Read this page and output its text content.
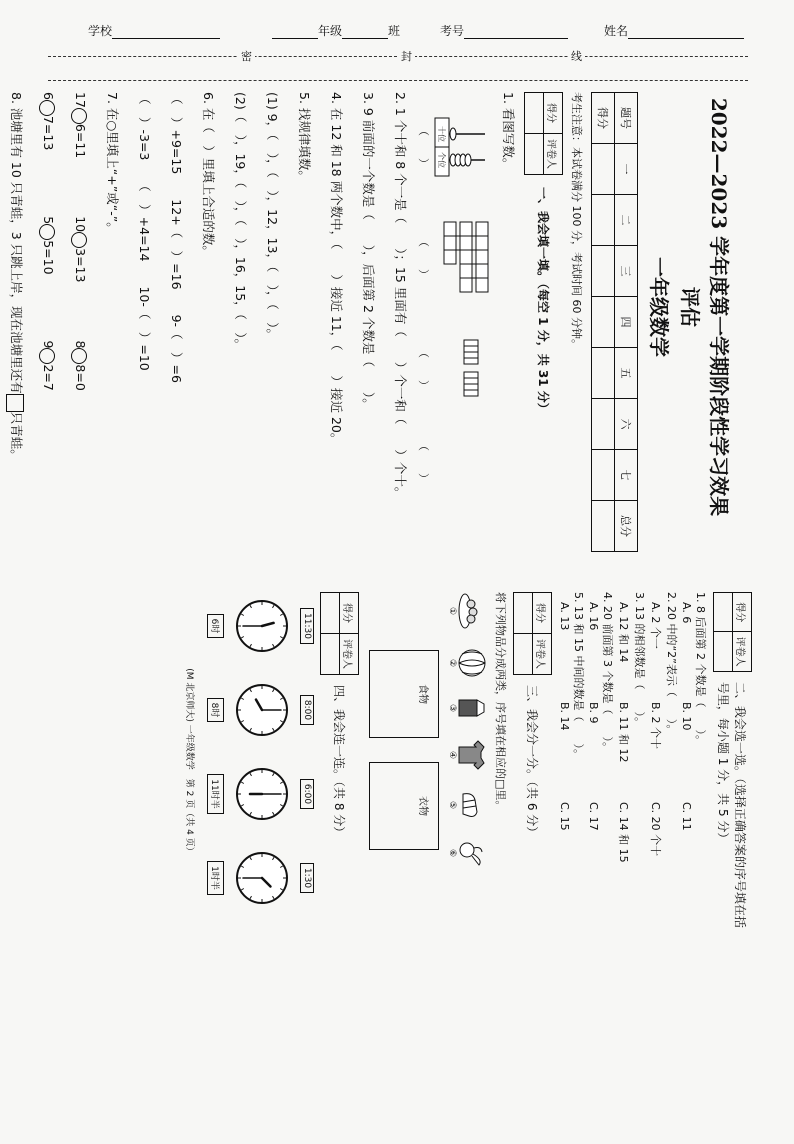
学校	年级	班	考号	姓名
密	封	线
2022—2023 学年度第一学期阶段性学习效果评估
一年级数学
题号	一	二	三	四	五	六	七	总分
得分								
考生注意：本试卷满分 100 分，考试时间 60 分钟。
得分	评卷人

一、我会填一填。（每空 1 分，共 31 分）
1. 看图写数。
十位
个位
（　　）
（　　）
（　　）
（　　）
2. 1 个十和 8 个一是（　　）；15 里面有（　　）个一和（　　）个十。
3. 9 前面的一个数是（　　），后面第 2 个数是（　　）。
4. 在 12 和 18 两个数中，（　　）接近 11，（　　）接近 20。
5. 找规律填数。
(1) 9，（　），（　），12，13，（　），（　）。
(2)（　），19，（　），（　），16，15，（　）。
6. 在（　）里填上合适的数。
（　）+9=15　　12+（　）=16　　9-（　）=6
（　）-3=3　　（　）+4=14　　10-（　）=10
7. 在○里填上“+”或“-”。
176=11  103=13  88=0
67=13  55=10  92=7
8. 池塘里有 10 只青蛙，3 只跳上岸，现在池塘里还有只青蛙。
得分	评卷人

二、我会选一选。（选择正确答案的序号填在括号里，每小题 1 分，共 5 分）
1. 8 后面第 2 个数是（　　）。
A. 6
B. 10
C. 11
2. 20 中的“2”表示（　　）。
A. 2 个一
B. 2 个十
C. 20 个十
3. 13 的相邻数是（　　）。
A. 12 和 14
B. 11 和 12
C. 14 和 15
4. 20 前面第 3 个数是（　　）。
A. 16
B. 9
C. 17
5. 13 和 15 中间的数是（　　）。
A. 13
B. 14
C. 15
得分	评卷人

三、我会分一分。（共 6 分）
将下列物品分成两类，序号填在相应的□里。
①
②
③
④
⑤
⑥
食物
衣物
得分	评卷人

四、我会连一连。（共 8 分）
11:30
6时
8:00
8时
6:00
11时半
1:30
1时半
(M 北京师大) 一年级数学　第 2 页（共 4 页）
